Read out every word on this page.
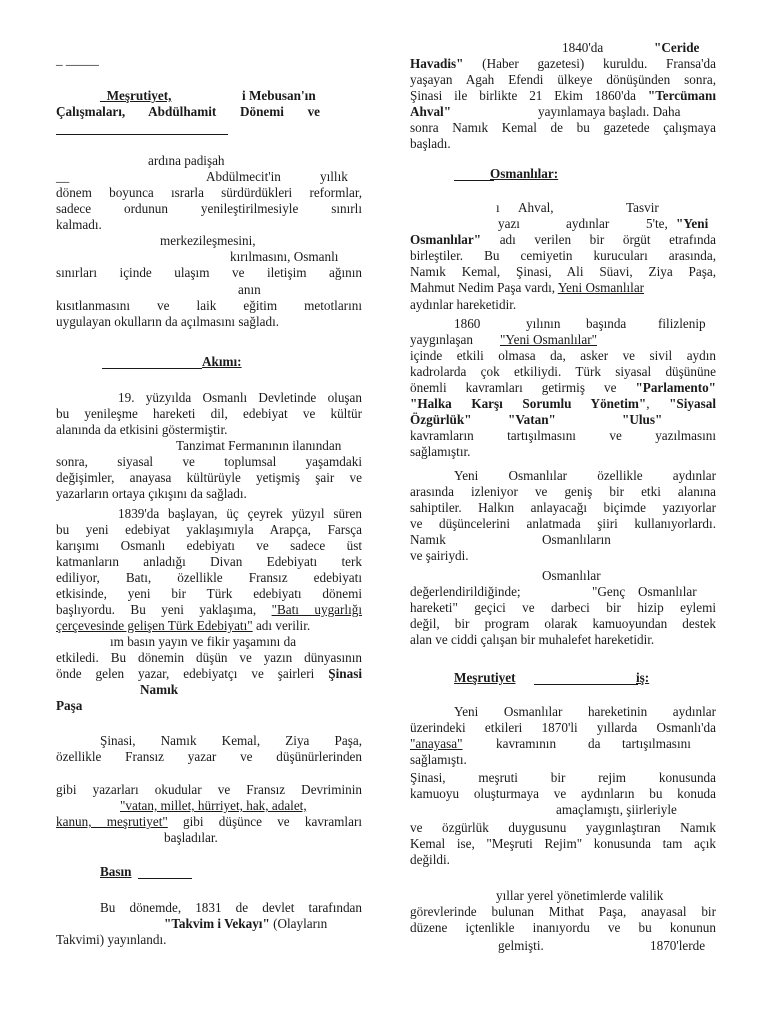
_ _____
_Meşrutiyet,	i Mebusan'ın
Çalışmaları, Abdülhamit Dönemi ve
ardına padişah
__	Abdülmecit'in	yıllık
dönem boyunca ısrarla sürdürdükleri reformlar,
sadece ordunun yenileştirilmesiyle sınırlı
kalmadı.
merkezileşmesini,
kırılmasını, Osmanlı
sınırları içinde ulaşım ve iletişim ağının
anın
kısıtlanmasını ve laik eğitim metotlarını
uygulayan okulların da açılmasını sağladı.
Akımı:
19. yüzyılda Osmanlı Devletinde oluşan
bu yenileşme hareketi dil, edebiyat ve kültür
alanında da etkisini göstermiştir.
Tanzimat Fermanının ilanından
sonra, siyasal ve toplumsal yaşamdaki
değişimler, anayasa kültürüyle yetişmiş şair ve
yazarların ortaya çıkışını da sağladı.
1839'da başlayan, üç çeyrek yüzyıl süren
bu yeni edebiyat yaklaşımıyla Arapça, Farsça
karışımı Osmanlı edebiyatı ve sadece üst
katmanların anladığı Divan Edebiyatı terk
ediliyor, Batı, özellikle Fransız edebiyatı
etkisinde, yeni bir Türk edebiyatı dönemi
başlıyordu. Bu yeni yaklaşıma, "Batı uygarlığı
çerçevesinde gelişen Türk Edebiyatı" adı verilir.
ım basın yayın ve fikir yaşamını da
etkiledi. Bu dönemin düşün ve yazın dünyasının
önde gelen yazar, edebiyatçı ve şairleri Şinasi
Namık
Paşa
Şinasi, Namık Kemal, Ziya Paşa,
özellikle Fransız yazar ve düşünürlerinden
gibi yazarları okudular ve Fransız Devriminin
"vatan, millet, hürriyet, hak, adalet,
kanun, meşrutiyet" gibi düşünce ve kavramları
başladılar.
Basın
Bu dönemde, 1831 de devlet tarafından
"Takvim i Vekayı" (Olayların
Takvimi) yayınlandı.
1840'da	"Ceride
Havadis" (Haber gazetesi) kuruldu. Fransa'da
yaşayan Agah Efendi ülkeye dönüşünden sonra,
Şinasi ile birlikte 21 Ekim 1860'da "Tercümanı
Ahval"	yayınlamaya başladı. Daha
sonra Namık Kemal de bu gazetede çalışmaya
başladı.
Osmanlılar:
ı Ahval,	Tasvir
yazı	aydınlar	5'te, "Yeni
Osmanlılar" adı verilen bir örgüt etrafında
birleştiler. Bu cemiyetin kurucuları arasında,
Namık Kemal, Şinasi, Ali Süavi, Ziya Paşa,
Mahmut Nedim Paşa vardı, Yeni Osmanlılar
aydınlar hareketidir.
1860	yılının başında filizlenip
yaygınlaşan "Yeni Osmanlılar"
içinde etkili olmasa da, asker ve sivil aydın
kadrolarda çok etkiliydi. Türk siyasal düşününe
önemli kavramları getirmiş ve "Parlamento"
"Halka Karşı Sorumlu Yönetim", "Siyasal
Özgürlük"	"Vatan"	"Ulus"
kavramların tartışılmasını ve yazılmasını
sağlamıştır.
Yeni Osmanlılar özellikle aydınlar
arasında izleniyor ve geniş bir etki alanına
sahiptiler. Halkın anlayacağı biçimde yazıyorlar
ve düşüncelerini anlatmada şiiri kullanıyorlardı.
Namık	Osmanlıların
ve şairiydi.
Osmanlılar
değerlendirildiğinde;	"Genç Osmanlılar
hareketi" geçici ve darbeci bir hizip eylemi
değil, bir program olarak kamuoyundan destek
alan ve ciddi çalışan bir muhalefet hareketidir.
Meşrutiyet	iş:
Yeni Osmanlılar hareketinin aydınlar
üzerindeki etkileri 1870'li yıllarda Osmanlı'da
"anayasa"	kavramının da tartışılmasını
sağlamıştı.
Şinasi, meşruti bir rejim konusunda
kamuoyu oluşturmaya ve aydınların bu konuda
amaçlamıştı, şiirleriyle
ve özgürlük duygusunu yaygınlaştıran Namık
Kemal ise, "Meşruti Rejim" konusunda tam açık
değildi.
yıllar yerel yönetimlerde valilik
görevlerinde bulunan Mithat Paşa, anayasal bir
düzene içtenlikle inanıyordu ve bu konunun
gelmişti.	1870'lerde
